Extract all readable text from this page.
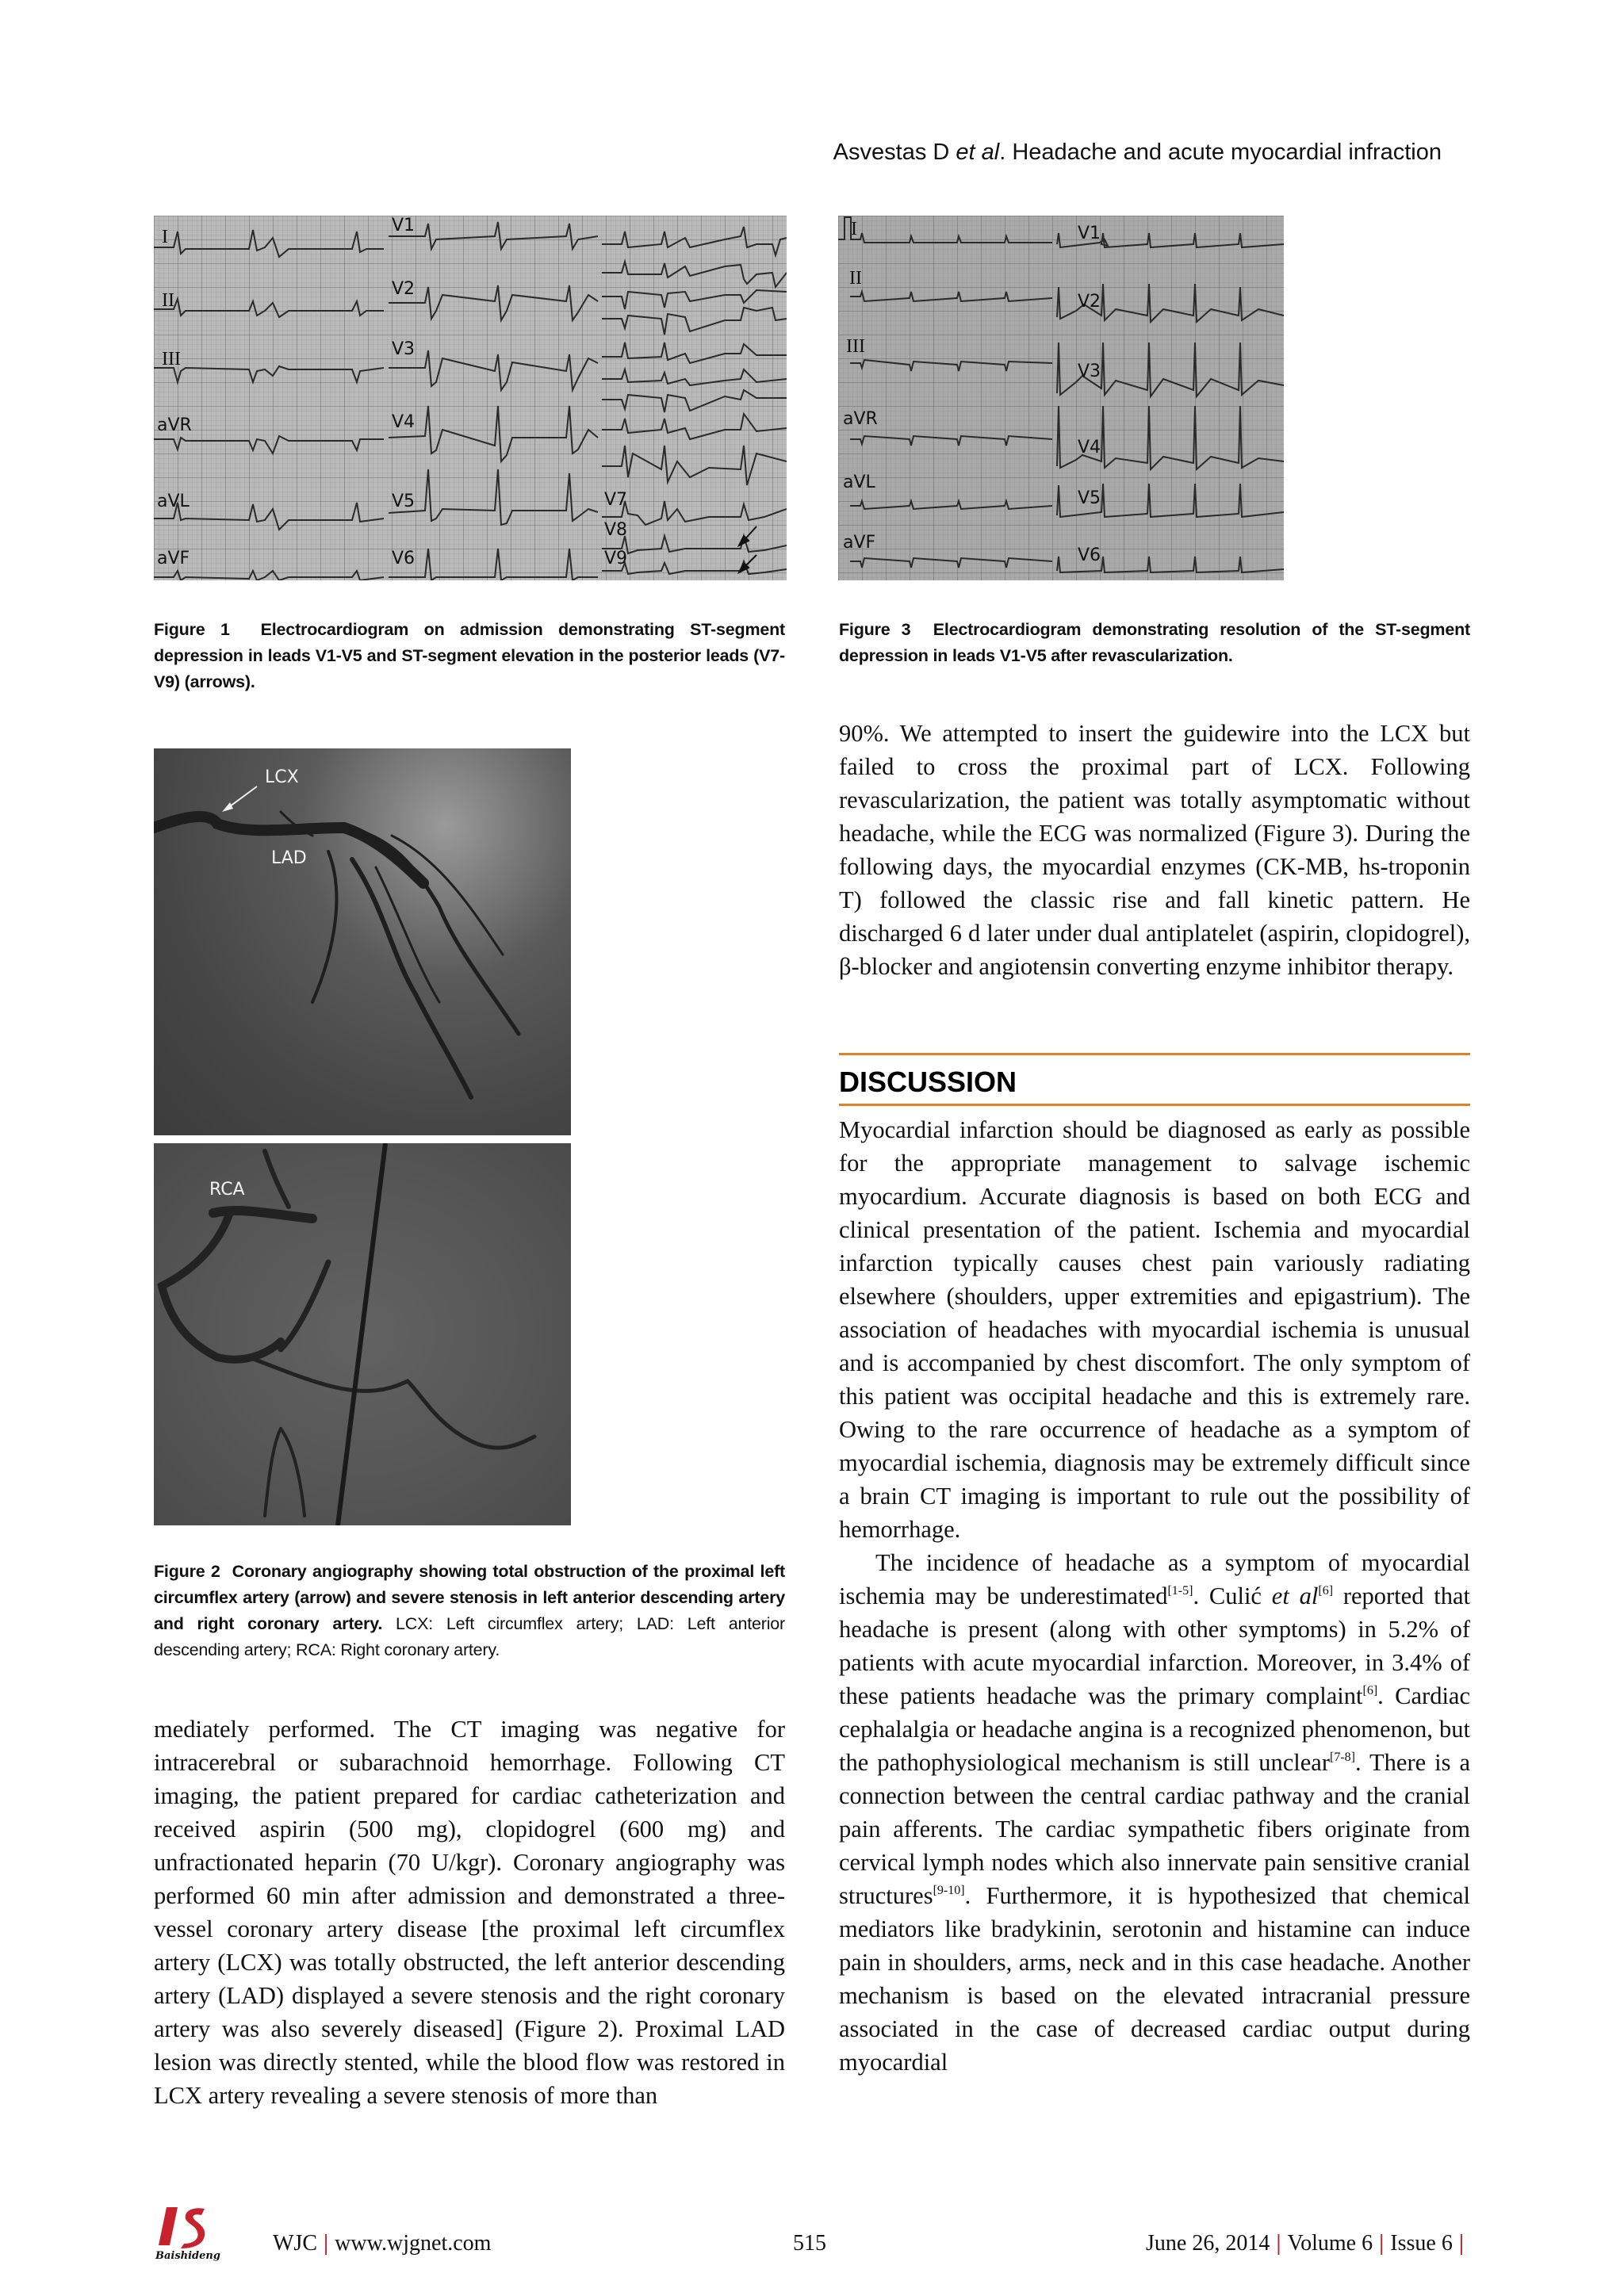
Asvestas D et al. Headache and acute myocardial infraction
I
II
III
aVR
aVL
aVF
V1
V2
V3
V4
V5
V6
V7
V8
V9
Figure 1 Electrocardiogram on admission demonstrating ST-segment depression in leads V1-V5 and ST-segment elevation in the posterior leads (V7-V9) (arrows).
I
II
III
aVR
aVL
aVF
V1
V2
V3
V4
V5
V6
Figure 3 Electrocardiogram demonstrating resolution of the ST-segment depression in leads V1-V5 after revascularization.
LCX
LAD
RCA
Figure 2 Coronary angiography showing total obstruction of the proximal left circumflex artery (arrow) and severe stenosis in left anterior descending artery and right coronary artery. LCX: Left circumflex artery; LAD: Left anterior descending artery; RCA: Right coronary artery.

mediately performed. The CT imaging was negative for intracerebral or subarachnoid hemorrhage. Following CT imaging, the patient prepared for cardiac catheterization and received aspirin (500 mg), clopidogrel (600 mg) and unfractionated heparin (70 U/kgr). Coronary angiography was performed 60 min after admission and demonstrated a three-vessel coronary artery disease [the proximal left circumflex artery (LCX) was totally obstructed, the left anterior descending artery (LAD) displayed a severe stenosis and the right coronary artery was also severely diseased] (Figure 2). Proximal LAD lesion was directly stented, while the blood flow was restored in LCX artery revealing a severe stenosis of more than

90%. We attempted to insert the guidewire into the LCX but failed to cross the proximal part of LCX. Following revascularization, the patient was totally asymptomatic without headache, while the ECG was normalized (Figure 3). During the following days, the myocardial enzymes (CK-MB, hs-troponin T) followed the classic rise and fall kinetic pattern. He discharged 6 d later under dual antiplatelet (aspirin, clopidogrel), β-blocker and angiotensin converting enzyme inhibitor therapy.

DISCUSSION

Myocardial infarction should be diagnosed as early as possible for the appropriate management to salvage ischemic myocardium. Accurate diagnosis is based on both ECG and clinical presentation of the patient. Ischemia and myocardial infarction typically causes chest pain variously radiating elsewhere (shoulders, upper extremities and epigastrium). The association of headaches with myocardial ischemia is unusual and is accompanied by chest discomfort. The only symptom of this patient was occipital headache and this is extremely rare. Owing to the rare occurrence of headache as a symptom of myocardial ischemia, diagnosis may be extremely difficult since a brain CT imaging is important to rule out the possibility of hemorrhage.

The incidence of headache as a symptom of myocardial ischemia may be underestimated[1-5]. Culić et al[6] reported that headache is present (along with other symptoms) in 5.2% of patients with acute myocardial infarction. Moreover, in 3.4% of these patients headache was the primary complaint[6]. Cardiac cephalalgia or headache angina is a recognized phenomenon, but the pathophysiological mechanism is still unclear[7-8]. There is a connection between the central cardiac pathway and the cranial pain afferents. The cardiac sympathetic fibers originate from cervical lymph nodes which also innervate pain sensitive cranial structures[9-10]. Furthermore, it is hypothesized that chemical mediators like bradykinin, serotonin and histamine can induce pain in shoulders, arms, neck and in this case headache. Another mechanism is based on the elevated intracranial pressure associated in the case of decreased cardiac output during myocardial

Baishideng
WJC | www.wjgnet.com	515	June 26, 2014 | Volume 6 | Issue 6 |
